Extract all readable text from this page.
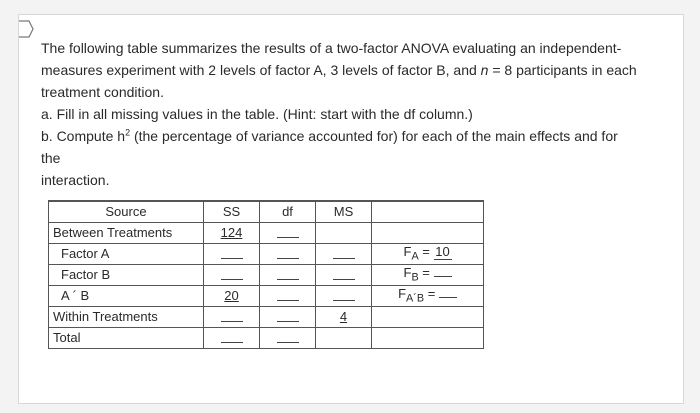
The following table summarizes the results of a two-factor ANOVA evaluating an independent-

measures experiment with 2 levels of factor A, 3 levels of factor B, and n = 8 participants in each

treatment condition.

a. Fill in all missing values in the table. (Hint: start with the df column.)

b. Compute $h^2$ (the percentage of variance accounted for) for each of the main effects and for the

interaction.

Source	SS	df	MS	
Between Treatments	124			
Factor A				$F_A = 10$
Factor B				$F_B$ =
A ´ B	20			$F_{A´B}$ =
Within Treatments			4	
Total				
